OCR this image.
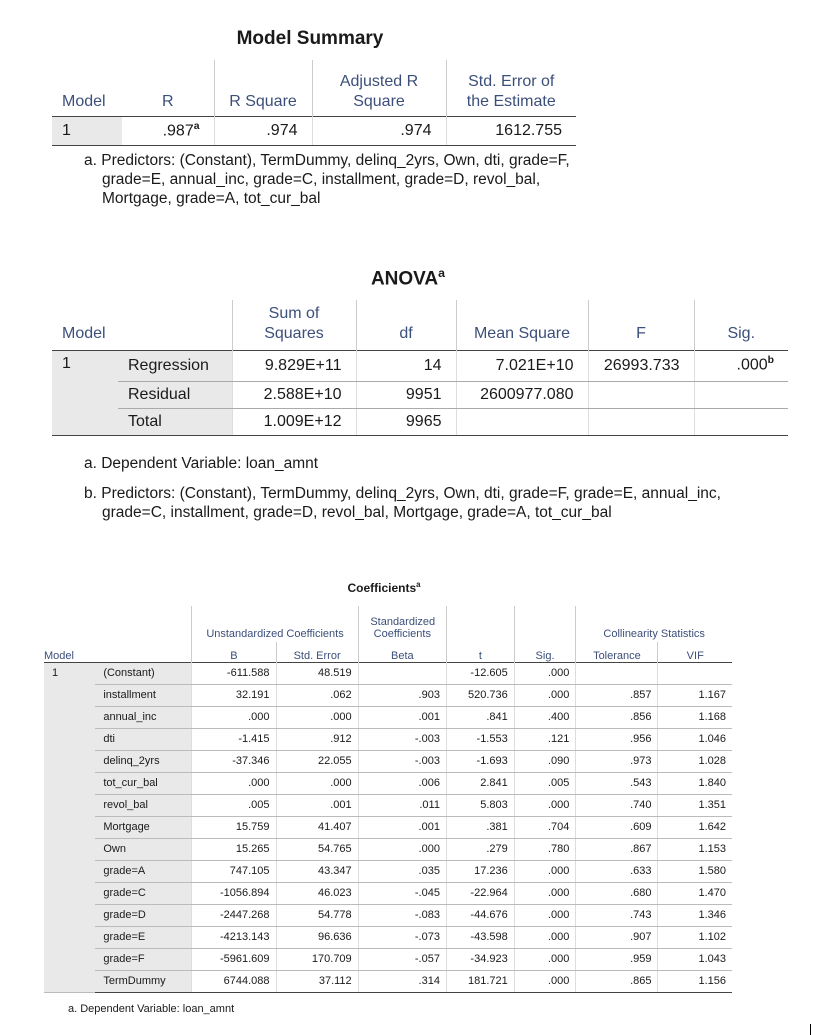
Model Summary
Model	R	R Square	Adjusted R Square	Std. Error of the Estimate

1	.987$^a$	.974	.974	1612.755
a. Predictors: (Constant), TermDummy, delinq_2yrs, Own, dti, grade=F, grade=E, annual_inc, grade=C, installment, grade=D, revol_bal, Mortgage, grade=A, tot_cur_bal
ANOVA$^a$
Model		Sum of Squares	df	Mean Square	F	Sig.
1	Regression	9.829E+11	14	7.021E+10	26993.733	.000$^b$
	Residual	2.588E+10	9951	2600977.080		
	Total	1.009E+12	9965			
a. Dependent Variable: loan_amnt
b. Predictors: (Constant), TermDummy, delinq_2yrs, Own, dti, grade=F, grade=E, annual_inc, grade=C, installment, grade=D, revol_bal, Mortgage, grade=A, tot_cur_bal
Coefficients$^a$
		Unstandardized Coefficients		Standardized Coefficients			Collinearity Statistics	
Model		B	Std. Error	Beta	t	Sig.	Tolerance	VIF
1	(Constant)	-611.588	48.519		-12.605	.000		
	installment	32.191	.062	.903	520.736	.000	.857	1.167
	annual_inc	.000	.000	.001	.841	.400	.856	1.168
	dti	-1.415	.912	-.003	-1.553	.121	.956	1.046
	delinq_2yrs	-37.346	22.055	-.003	-1.693	.090	.973	1.028
	tot_cur_bal	.000	.000	.006	2.841	.005	.543	1.840
	revol_bal	.005	.001	.011	5.803	.000	.740	1.351
	Mortgage	15.759	41.407	.001	.381	.704	.609	1.642
	Own	15.265	54.765	.000	.279	.780	.867	1.153
	grade=A	747.105	43.347	.035	17.236	.000	.633	1.580
	grade=C	-1056.894	46.023	-.045	-22.964	.000	.680	1.470
	grade=D	-2447.268	54.778	-.083	-44.676	.000	.743	1.346
	grade=E	-4213.143	96.636	-.073	-43.598	.000	.907	1.102
	grade=F	-5961.609	170.709	-.057	-34.923	.000	.959	1.043
	TermDummy	6744.088	37.112	.314	181.721	.000	.865	1.156
a. Dependent Variable: loan_amnt
